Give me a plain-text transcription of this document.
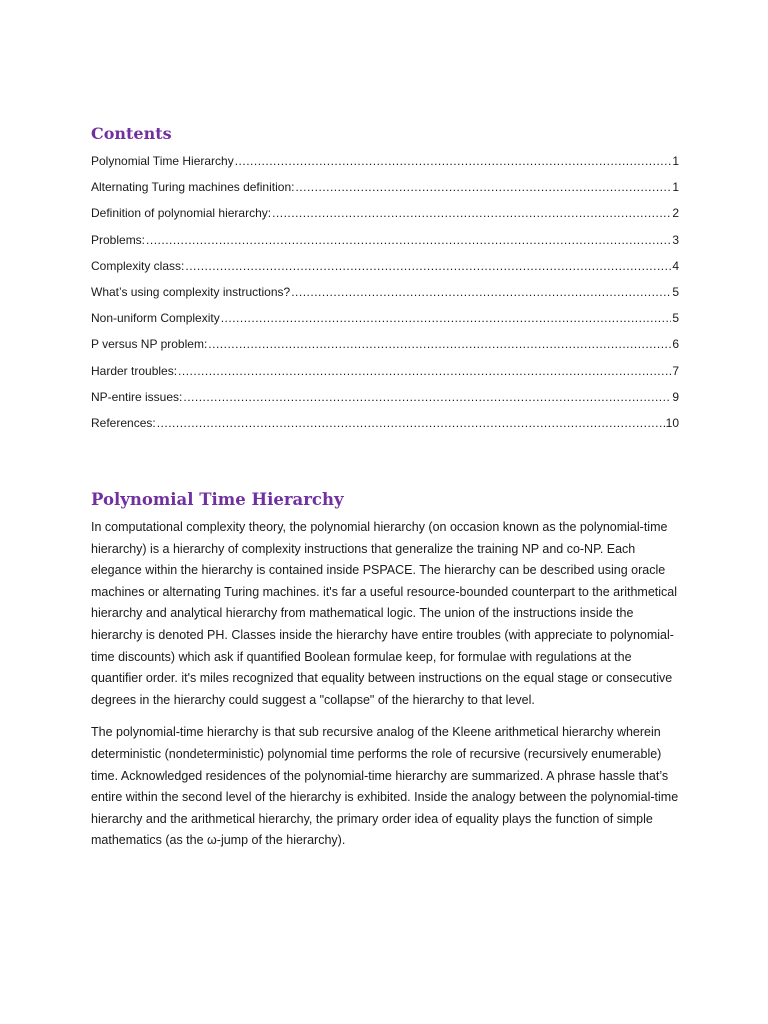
Contents
Polynomial Time Hierarchy .....	1
Alternating Turing machines definition: .....	1
Definition of polynomial hierarchy: .....	2
Problems: .....	3
Complexity class: .....	4
What’s using complexity instructions? .....	5
Non-uniform Complexity .....	5
P versus NP problem: .....	6
Harder troubles: .....	7
NP-entire issues: .....	9
References: .....	10
Polynomial Time Hierarchy

In computational complexity theory, the polynomial hierarchy (on occasion known as the polynomial-time hierarchy) is a hierarchy of complexity instructions that generalize the training NP and co-NP. Each elegance within the hierarchy is contained inside PSPACE. The hierarchy can be described using oracle machines or alternating Turing machines. it's far a useful resource-bounded counterpart to the arithmetical hierarchy and analytical hierarchy from mathematical logic. The union of the instructions inside the hierarchy is denoted PH. Classes inside the hierarchy have entire troubles (with appreciate to polynomial-time discounts) which ask if quantified Boolean formulae keep, for formulae with regulations at the quantifier order. it's miles recognized that equality between instructions on the equal stage or consecutive degrees in the hierarchy could suggest a "collapse" of the hierarchy to that level.

The polynomial-time hierarchy is that sub recursive analog of the Kleene arithmetical hierarchy wherein deterministic (nondeterministic) polynomial time performs the role of recursive (recursively enumerable) time. Acknowledged residences of the polynomial-time hierarchy are summarized. A phrase hassle that’s entire within the second level of the hierarchy is exhibited. Inside the analogy between the polynomial-time hierarchy and the arithmetical hierarchy, the primary order idea of equality plays the function of simple mathematics (as the ω-jump of the hierarchy).
